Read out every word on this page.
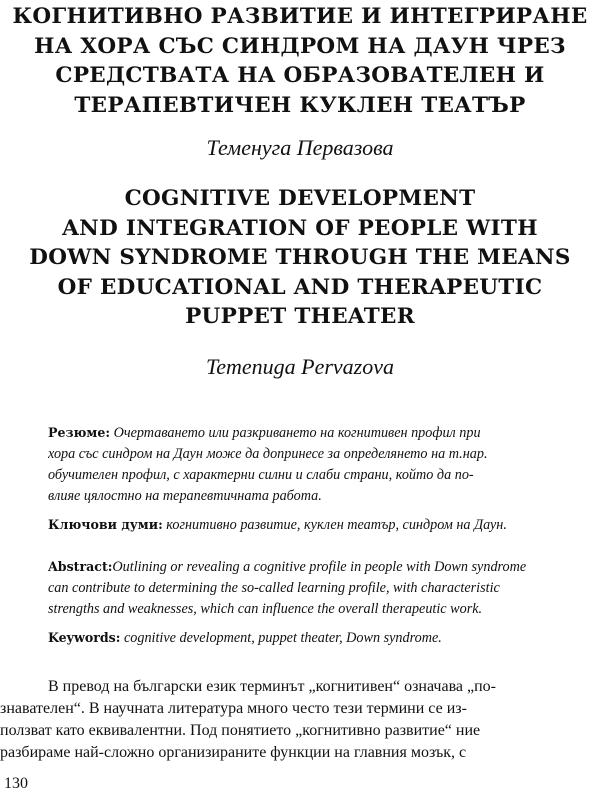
КОГНИТИВНО РАЗВИТИЕ И ИНТЕГРИРАНЕ
НА ХОРА СЪС СИНДРОМ НА ДАУН ЧРЕЗ
СРЕДСТВАТА НА ОБРАЗОВАТЕЛЕН И
ТЕРАПЕВТИЧЕН КУКЛЕН ТЕАТЪР
Теменуга Первазова
COGNITIVE DEVELOPMENT
AND INTEGRATION OF PEOPLE WITH
DOWN SYNDROME THROUGH THE MEANS
OF EDUCATIONAL AND THERAPEUTIC
PUPPET THEATER
Temenuga Pervazova
Резюме: Очертаването или разкриването на когнитивен профил при
хора със синдром на Даун може да допринесе за определянето на т.нар.
обучителен профил, с характерни силни и слаби страни, който да по-
влияе цялостно на терапевтичната работа.
Ключови думи: когнитивно развитие, куклен театър, синдром на Даун.
Abstract:Outlining or revealing a cognitive profile in people with Down syndrome
can contribute to determining the so-called learning profile, with characteristic
strengths and weaknesses, which can influence the overall therapeutic work.
Keywords: cognitive development, puppet theater, Down syndrome.
В превод на български език терминът „когнитивен“ означава „по-
знавателен“. В научната литература много често тези термини се из-
ползват като еквивалентни. Под понятието „когнитивно развитие“ ние
разбираме най-сложно организираните функции на главния мозък, с
130
